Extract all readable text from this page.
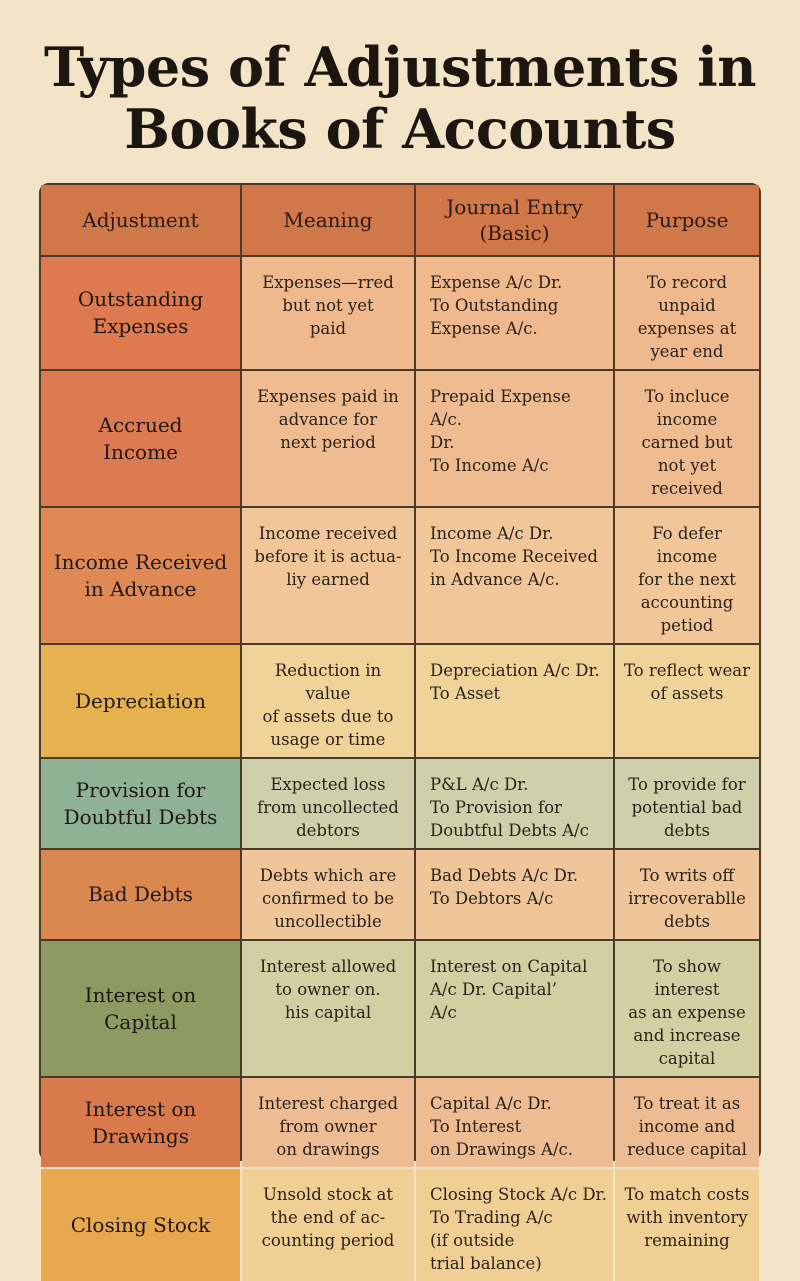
Types of Adjustments in
Books of Accounts
Adjustment	Meaning
Journal Entry
(Basic)
Purpose
Outstanding
Expenses
Expenses—rred
but not yet
paid
Expense A/c Dr.
To Outstanding
Expense A/c.
To record unpaid
expenses at
year end
Accrued
Income
Expenses paid in
advance for
next period
Prepaid Expense A/c.
Dr.
To Income A/c
To incluce income
carned but
not yet received
Income Received
in Advance
Income received
before it is actua-
liy earned
Income A/c Dr.
To Income Received
in Advance A/c.
Fo defer income
for the next
accounting petiod
Depreciation
Reduction in value
of assets due to
usage or time
Depreciation A/c Dr.
To Asset
To reflect wear
of assets
Provision for
Doubtful Debts
Expected loss
from uncollected
debtors
P&L A/c Dr.
To Provision for
Doubtful Debts A/c
To provide for
potential bad
debts
Bad Debts
Debts which are
confirmed to be
uncollectible
Bad Debts A/c Dr.
To Debtors A/c
To writs off
irrecoverablle
debts
Interest on Capital
Interest allowed
to owner on.
his capital
Interest on Capital
A/c Dr. Capital’
A/c
To show interest
as an expense
and increase capital
Interest on
Drawings
Interest charged
from owner
on drawings
Capital A/c Dr.
To Interest
on Drawings A/c.
To treat it as
income and
reduce capital
Closing Stock
Unsold stock at
the end of ac-
counting period
Closing Stock A/c Dr.
To Trading A/c
(if outside
trial balance)
To match costs
with inventory
remaining
